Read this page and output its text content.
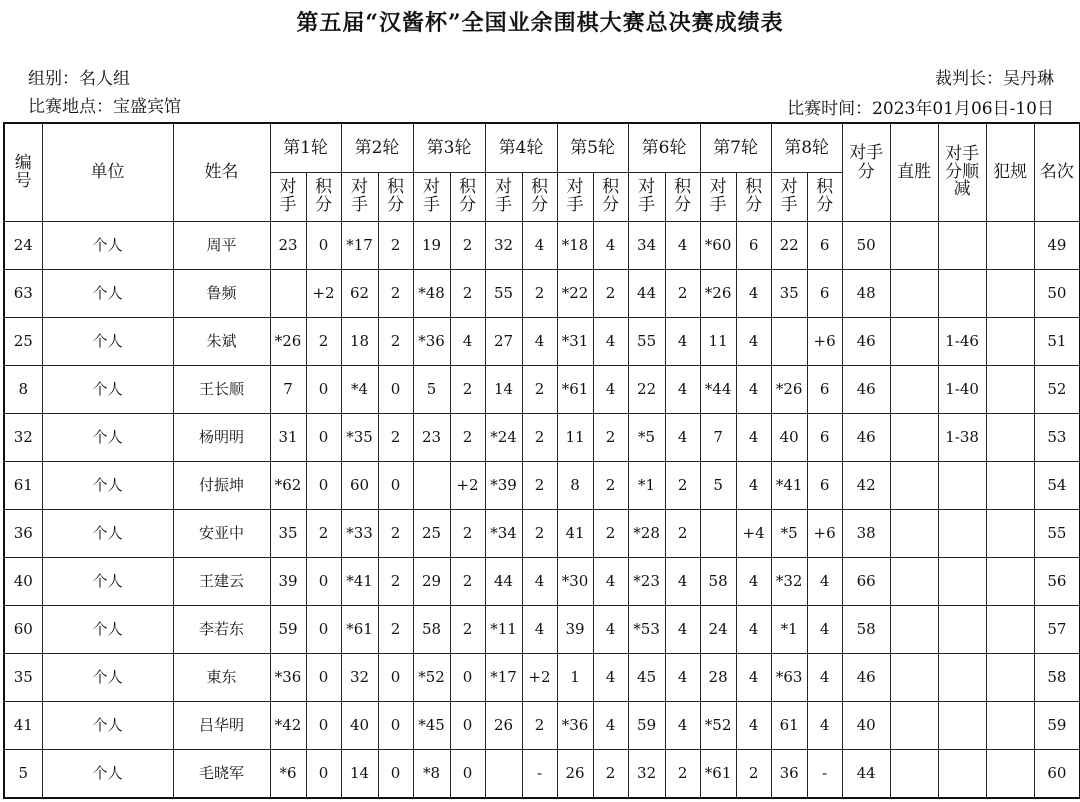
第五届“汉酱杯”全国业余围棋大赛总决赛成绩表
组别：名人组
比赛地点：宝盛宾馆
裁判长：吴丹琳
比赛时间：2023年01月06日-10日
编号	单位	姓名	第1轮		第2轮		第3轮		第4轮		第5轮		第6轮		第7轮		第8轮		对手分	直胜	对手分顺减	犯规	名次
			对手	积分	对手	积分	对手	积分	对手	积分	对手	积分	对手	积分	对手	积分	对手	积分					
24	个人	周平	23	0	*17	2	19	2	32	4	*18	4	34	4	*60	6	22	6	50				49
63	个人	鲁频		+2	62	2	*48	2	55	2	*22	2	44	2	*26	4	35	6	48				50
25	个人	朱斌	*26	2	18	2	*36	4	27	4	*31	4	55	4	11	4		+6	46		1-46		51
8	个人	王长顺	7	0	*4	0	5	2	14	2	*61	4	22	4	*44	4	*26	6	46		1-40		52
32	个人	杨明明	31	0	*35	2	23	2	*24	2	11	2	*5	4	7	4	40	6	46		1-38		53
61	个人	付振坤	*62	0	60	0		+2	*39	2	8	2	*1	2	5	4	*41	6	42				54
36	个人	安亚中	35	2	*33	2	25	2	*34	2	41	2	*28	2		+4	*5	+6	38				55
40	个人	王建云	39	0	*41	2	29	2	44	4	*30	4	*23	4	58	4	*32	4	66				56
60	个人	李若东	59	0	*61	2	58	2	*11	4	39	4	*53	4	24	4	*1	4	58				57
35	个人	東东	*36	0	32	0	*52	0	*17	+2	1	4	45	4	28	4	*63	4	46				58
41	个人	吕华明	*42	0	40	0	*45	0	26	2	*36	4	59	4	*52	4	61	4	40				59
5	个人	毛晓军	*6	0	14	0	*8	0		-	26	2	32	2	*61	2	36	-	44				60
